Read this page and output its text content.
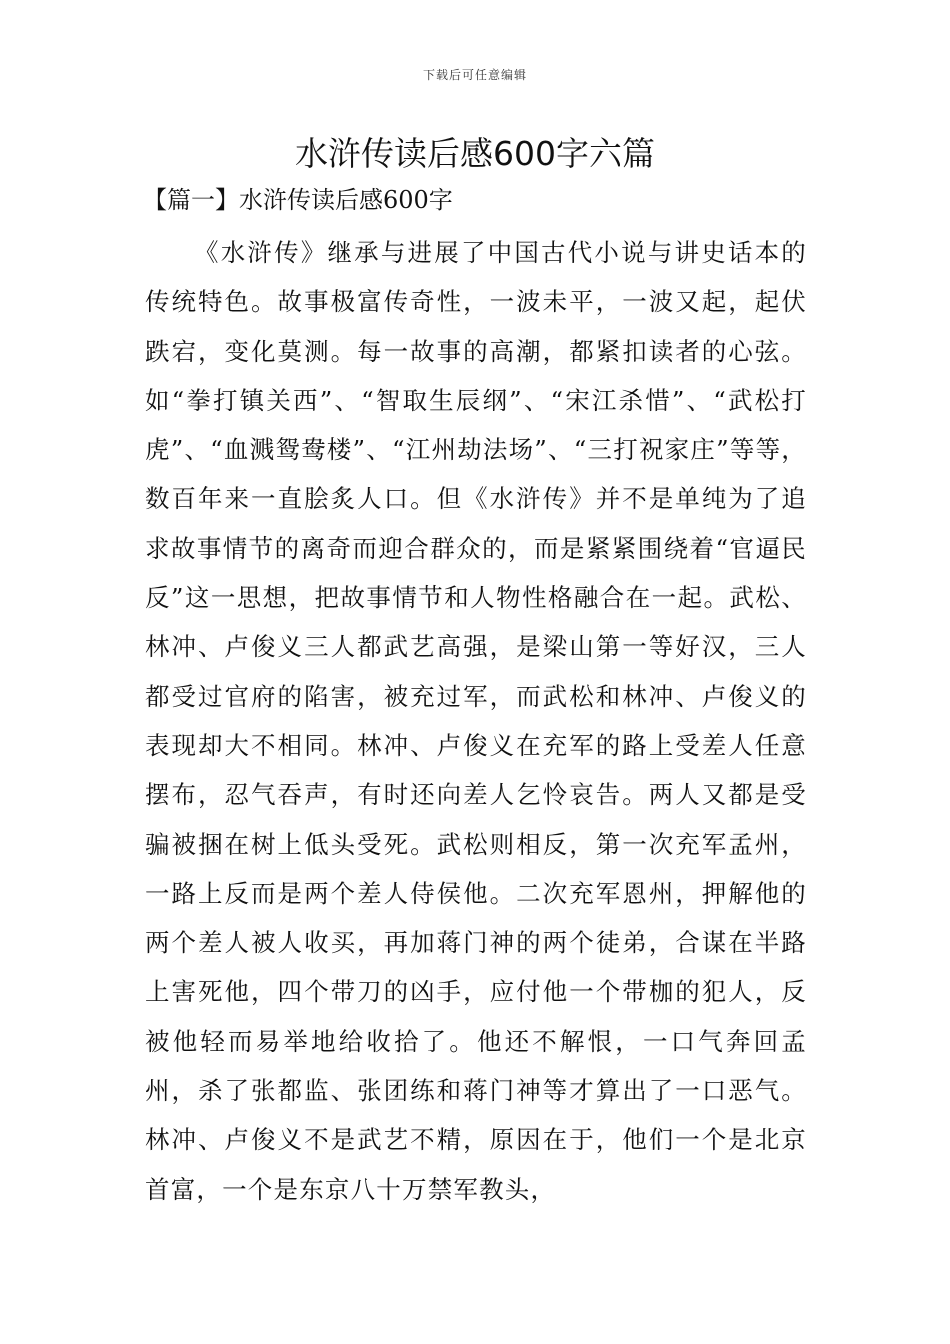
下载后可任意编辑
水浒传读后感600字六篇
【篇一】水浒传读后感600字

《水浒传》继承与进展了中国古代小说与讲史话本的传统特色。故事极富传奇性，一波未平，一波又起，起伏跌宕，变化莫测。每一故事的高潮，都紧扣读者的心弦。如“拳打镇关西”、“智取生辰纲”、“宋江杀惜”、“武松打虎”、“血溅鸳鸯楼”、“江州劫法场”、“三打祝家庄”等等，数百年来一直脍炙人口。但《水浒传》并不是单纯为了追求故事情节的离奇而迎合群众的，而是紧紧围绕着“官逼民反”这一思想，把故事情节和人物性格融合在一起。武松、林冲、卢俊义三人都武艺高强，是梁山第一等好汉，三人都受过官府的陷害，被充过军，而武松和林冲、卢俊义的表现却大不相同。林冲、卢俊义在充军的路上受差人任意摆布，忍气吞声，有时还向差人乞怜哀告。两人又都是受骗被捆在树上低头受死。武松则相反，第一次充军孟州，一路上反而是两个差人侍侯他。二次充军恩州，押解他的两个差人被人收买，再加蒋门神的两个徒弟，合谋在半路上害死他，四个带刀的凶手，应付他一个带枷的犯人，反被他轻而易举地给收拾了。他还不解恨，一口气奔回孟州，杀了张都监、张团练和蒋门神等才算出了一口恶气。林冲、卢俊义不是武艺不精，原因在于，他们一个是北京首富，一个是东京八十万禁军教头，
